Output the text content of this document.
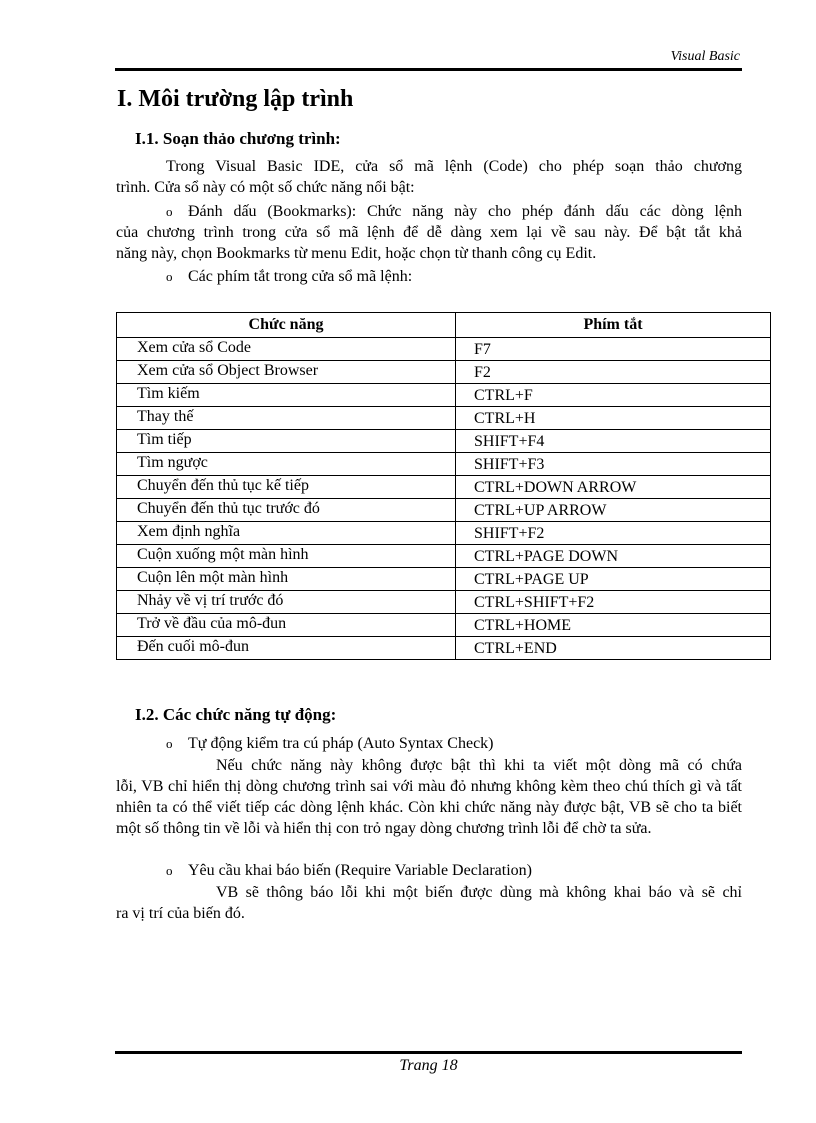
Visual Basic
I. Môi trường lập trình
I.1. Soạn thảo chương trình:
Trong Visual Basic IDE, cửa sổ mã lệnh (Code) cho phép soạn thảo chương
trình. Cửa sổ này có một số chức năng nổi bật:
o Đánh dấu (Bookmarks): Chức năng này cho phép đánh dấu các dòng lệnh
của chương trình trong cửa sổ mã lệnh để dễ dàng xem lại về sau này. Để bật tắt khả
năng này, chọn Bookmarks từ menu Edit, hoặc chọn từ thanh công cụ Edit.
o Các phím tắt trong cửa sổ mã lệnh:
Chức năng	Phím tắt
Xem cửa sổ Code	F7
Xem cửa sổ Object Browser	F2
Tìm kiếm	CTRL+F
Thay thế	CTRL+H
Tìm tiếp	SHIFT+F4
Tìm ngược	SHIFT+F3
Chuyển đến thủ tục kế tiếp	CTRL+DOWN ARROW
Chuyển đến thủ tục trước đó	CTRL+UP ARROW
Xem định nghĩa	SHIFT+F2
Cuộn xuống một màn hình	CTRL+PAGE DOWN
Cuộn lên một màn hình	CTRL+PAGE UP
Nhảy về vị trí trước đó	CTRL+SHIFT+F2
Trở về đầu của mô-đun	CTRL+HOME
Đến cuối mô-đun	CTRL+END
I.2. Các chức năng tự động:
o Tự động kiểm tra cú pháp (Auto Syntax Check)
Nếu chức năng này không được bật thì khi ta viết một dòng mã có chứa
lỗi, VB chỉ hiển thị dòng chương trình sai với màu đỏ nhưng không kèm theo chú thích gì và tất nhiên ta có thể viết tiếp các dòng lệnh khác. Còn khi chức năng này được bật, VB sẽ cho ta biết một số thông tin về lỗi và hiển thị con trỏ ngay dòng chương trình lỗi để chờ ta sửa.
o Yêu cầu khai báo biến (Require Variable Declaration)
VB sẽ thông báo lỗi khi một biến được dùng mà không khai báo và sẽ chỉ
ra vị trí của biến đó.
Trang 18
